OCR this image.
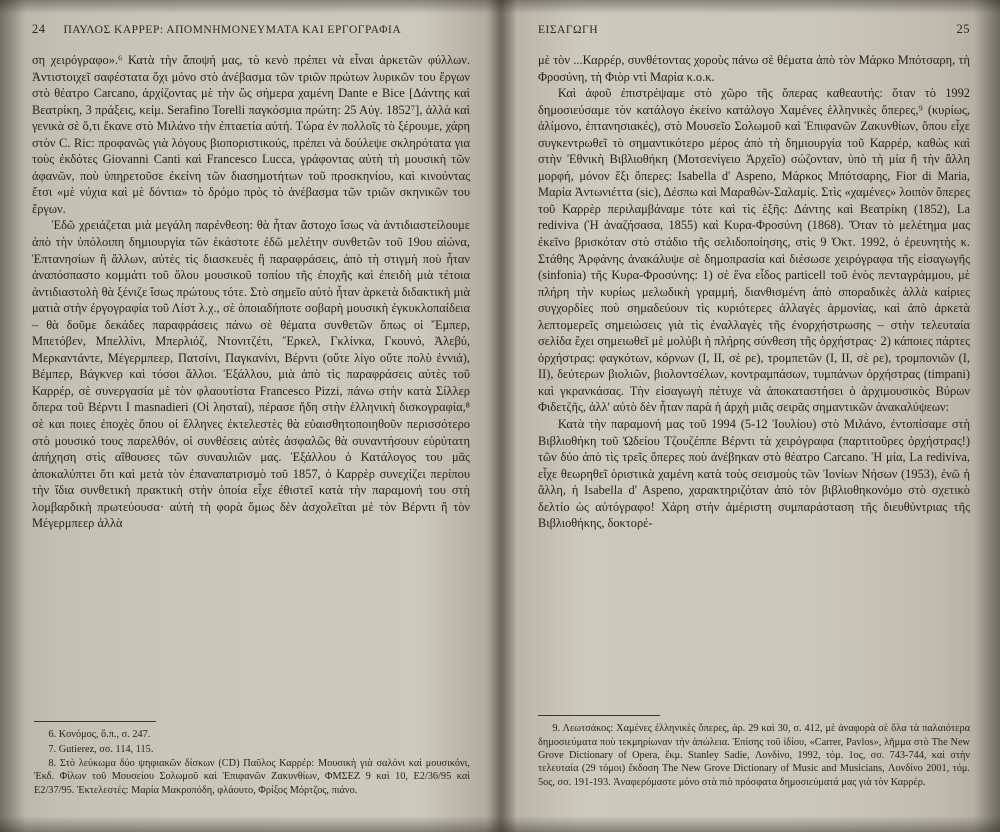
24 ΠΑΥΛΟΣ ΚΑΡΡΕΡ: ΑΠΟΜΝΗΜΟΝΕΥΜΑΤΑ ΚΑΙ ΕΡΓΟΓΡΑΦΙΑ

ση χειρόγραφο».⁶ Κατὰ τὴν ἄποψή μας, τὸ κενὸ πρέπει νὰ εἶναι ἀρκετῶν φύλλων. Ἀντιστοιχεῖ σαφέστατα ὄχι μόνο στὸ ἀνέβασμα τῶν τριῶν πρώτων λυρικῶν του ἔργων στὸ θέατρο Carcano, ἀρχίζοντας μὲ τὴν ὣς σήμερα χαμένη Dante e Bice [Δάντης καὶ Βεατρίκη, 3 πράξεις, κείμ. Serafino Torelli παγκόσμια πρώτη: 25 Αὐγ. 1852⁷], ἀλλὰ καὶ γενικὰ σὲ ὅ,τι ἔκανε στὸ Μιλάνο τὴν ἐπταετία αὐτή. Τώρα ἐν πολλοῖς τὸ ξέρουμε, χάρη στὸν C. Ric: προφανῶς γιὰ λόγους βιοποριστικούς, πρέπει νὰ δούλεψε σκληρότατα για τοὺς ἐκδότες Giovanni Canti καὶ Francesco Lucca, γράφοντας αὐτὴ τὴ μουσικὴ τῶν ἀφανῶν, ποὺ ὑπηρετοῦσε ἐκείνη τῶν διασημοτήτων τοῦ προσκηνίου, καὶ κινούντας ἔτσι «μὲ νύχια καὶ μὲ δόντια» τὸ δρόμο πρὸς τὸ ἀνέβασμα τῶν τριῶν σκηνικῶν του ἔργων.

Ἐδῶ χρειάζεται μιὰ μεγάλη παρένθεση: θὰ ἦταν ἄστοχο ἴσως νὰ ἀντιδιαστείλουμε ἀπὸ τὴν ὑπόλοιπη δημιουργία τῶν ἑκάστοτε ἐδῶ μελέτην συνθετῶν τοῦ 19ου αἰώνα, Ἑπτανησίων ἢ ἄλλων, αὐτὲς τὶς διασκευὲς ἢ παραφράσεις, ἀπὸ τὴ στιγμὴ ποὺ ἦταν ἀναπόσπαστο κομμάτι τοῦ ὅλου μουσικοῦ τοπίου τῆς ἐποχῆς καὶ ἐπειδὴ μιὰ τέτοια ἀντιδιαστολὴ θὰ ξένιζε ἴσως πρώτους τότε. Στὸ σημεῖο αὐτὸ ἦταν ἀρκετὰ διδακτικὴ μιὰ ματιὰ στὴν ἐργογραφία τοῦ Λίστ λ.χ., σὲ ὁποιαδήποτε σοβαρὴ μουσικὴ ἐγκυκλοπαίδεια – θὰ δοῦμε δεκάδες παραφράσεις πάνω σὲ θέματα συνθετῶν ὅπως οἱ Ἔμπερ, Μπετόβεν, Μπελλίνι, Μπερλιόζ, Ντονιτζέτι, Ἔρκελ, Γκλίνκα, Γκουνό, Ἀλεβύ, Μερκαντάντε, Μέγερμπεερ, Πατσίνι, Παγκανίνι, Βέρντι (οὔτε λίγο οὔτε πολὺ ἐννιά), Βέμπερ, Βάγκνερ καὶ τόσοι ἄλλοι. Ἐξάλλου, μιὰ ἀπὸ τὶς παραφράσεις αὐτὲς τοῦ Καρρέρ, σὲ συνεργασία μὲ τὸν φλαουτίστα Francesco Pizzi, πάνω στὴν κατὰ Σίλλερ ὄπερα τοῦ Βέρντι I masnadieri (Οἱ λησταί), πέρασε ἤδη στὴν ἑλληνικὴ δισκογραφία,⁸ σὲ και ποιες ἐποχὲς ὅπου οἱ ἕλληνες ἐκτελεστὲς θὰ εὐαισθητοποιηθοῦν περισσότερο στὸ μουσικό τους παρελθόν, οἱ συνθέσεις αὐτὲς ἀσφαλῶς θὰ συναντήσουν εὐρύτατη ἀπήχηση στὶς αἴθουσες τῶν συναυλιῶν μας. Ἐξάλλου ὁ Κατάλογος του μᾶς ἀποκαλύπτει ὅτι καὶ μετὰ τὸν ἐπαναπατρισμὸ τοῦ 1857, ὁ Καρρὲρ συνεχίζει περίπου τὴν ἴδια συνθετικὴ πρακτικὴ στὴν ὁποία εἶχε ἐθιστεῖ κατὰ τὴν παραμονή του στὴ λομβαρδικὴ πρωτεύουσα· αὐτὴ τὴ φορὰ ὅμως δὲν ἀσχολεῖται μὲ τὸν Βέρντι ἢ τὸν Μέγερμπεερ ἀλλὰ

6. Κονόμος, ὅ.π., σ. 247.

7. Gutiеrеz, σσ. 114, 115.

8. Στὸ λεύκωμα δύο ψηφιακῶν δίσκων (CD) Παῦλος Καρρέρ: Μουσικὴ γιὰ σαλόνι καὶ μουσικόνι, Ἐκδ. Φίλων τοῦ Μουσείου Σολωμοῦ καὶ Ἐπιφανῶν Ζακυνθίων, ΦΜΣΕΖ 9 καὶ 10, Ε2/36/95 καὶ Ε2/37/95. Ἐκτελεστές: Μαρία Μακροπόδη, φλάουτο, Φρίξος Μόρτζος, πιάνο.

ΕΙΣΑΓΩΓΗ	25

μὲ τὸν ...Καρρέρ, συνθέτοντας χοροὺς πάνω σὲ θέματα ἀπὸ τὸν Μάρκο Μπότσαρη, τὴ Φροσύνη, τὴ Φιὸρ ντὶ Μαρία κ.ο.κ.

Καὶ ἀφοῦ ἐπιστρέψαμε στὸ χῶρο τῆς ὄπερας καθεαυτής: ὅταν τὸ 1992 δημοσιεύσαμε τὸν κατάλογο ἐκείνο κατάλογο Χαμένες ἑλληνικὲς ὄπερες,⁹ (κυρίως, ἀλίμονο, ἑπτανησιακές), στὸ Μουσεῖο Σολωμοῦ καὶ Ἐπιφανῶν Ζακυνθίων, ὅπου εἶχε συγκεντρωθεῖ τὸ σημαντικότερο μέρος ἀπὸ τὴ δημιουργία τοῦ Καρρέρ, καθὼς καὶ στὴν Ἐθνικὴ Βιβλιοθήκη (Μοτσενίγειο Ἀρχεῖο) σώζονταν, ὑπὸ τὴ μία ἢ τὴν ἄλλη μορφή, μόνον ἕξι ὄπερες: Isabella d' Aspeno, Μάρκος Μπότσαρης, Fior di Maria, Μαρία Ἀντωνιέττα (sic), Δέσπω καὶ Μαραθὼν-Σαλαμίς. Στὶς «χαμένες» λοιπὸν ὄπερες τοῦ Καρρὲρ περιλαμβάναμε τότε καὶ τὶς ἑξῆς: Δάντης καὶ Βεατρίκη (1852), La rediviva (Ἡ ἀναζήσασα, 1855) καὶ Κυρα-Φροσύνη (1868). Ὅταν τὸ μελέτημα μας ἐκεῖνο βρισκόταν στὸ στάδιο τῆς σελιδοποίησης, στὶς 9 Ὀκτ. 1992, ὁ ἐρευνητὴς κ. Στάθης Ἀρφάνης ἀνακάλυψε σὲ δημοπρασία καὶ διέσωσε χειρόγραφα τῆς εἰσαγωγῆς (sinfonia) τῆς Κυρα-Φροσύνης: 1) σὲ ἕνα εἶδος particell τοῦ ἑνὸς πενταγράμμου, μὲ πλήρη τὴν κυρίως μελωδικὴ γραμμή, διανθισμένη ἀπὸ σποραδικὲς ἀλλὰ καίριες συγχορδίες ποὺ σημαδεύουν τὶς κυριότερες ἀλλαγὲς ἁρμονίας, καὶ ἀπὸ ἀρκετὰ λεπτομερεῖς σημειώσεις γιὰ τὶς ἐναλλαγὲς τῆς ἐνορχήστρωσης – στὴν τελευταία σελίδα ἔχει σημειωθεῖ μὲ μολύβι ἡ πλήρης σύνθεση τῆς ὀρχήστρας· 2) κάποιες πάρτες ὀρχήστρας: φαγκότων, κόρνων (I, II, σὲ ρε), τρομπετῶν (I, II, σὲ ρε), τρομπονιῶν (I, II), δεύτερων βιολιῶν, βιολοντσέλων, κοντραμπάσων, τυμπάνων ὀρχήστρας (timpani) καὶ γκρανκάσας. Τὴν εἰσαγωγὴ πέτυχε νὰ ἀποκαταστήσει ὁ ἀρχιμουσικὸς Βύρων Φιδετζῆς, ἀλλ' αὐτὸ δὲν ἦταν παρὰ ἡ ἀρχὴ μιᾶς σειρᾶς σημαντικῶν ἀνακαλύψεων:

Κατὰ τὴν παραμονή μας τοῦ 1994 (5-12 Ἰουλίου) στὸ Μιλάνο, ἐντοπίσαμε στὴ Βιβλιοθήκη τοῦ Ὠδείου Τζουζέππε Βέρντι τὰ χειρόγραφα (παρτιτοῦρες ὀρχήστρας!) τῶν δύο ἀπὸ τὶς τρεῖς ὄπερες ποὺ ἀνέβηκαν στὸ θέατρο Carcano. Ἡ μία, La rediviva, εἶχε θεωρηθεῖ ὁριστικὰ χαμένη κατὰ τοὺς σεισμοὺς τῶν Ἰονίων Νήσων (1953), ἐνῶ ἡ ἄλλη, ἡ Isabella d' Aspeno, χαρακτηριζόταν ἀπὸ τὸν βιβλιοθηκονόμο στὸ σχετικὸ δελτίο ὡς αὐτόγραφο! Χάρη στὴν ἀμέριστη συμπαράσταση τῆς διευθύντριας τῆς Βιβλιοθήκης, δοκτορέ-

9. Λεωτσάκος: Χαμένες ἑλληνικὲς ὄπερες, ἀρ. 29 καὶ 30, σ. 412, μὲ ἀναφορὰ σὲ ὅλα τὰ παλαιότερα δημοσιεύματα ποὺ τεκμηρίωναν τὴν ἀπώλεια. Ἐπίσης τοῦ ἰδίου, «Carrer, Pavlos», λῆμμα στὸ The New Grove Dictionary of Opera, ἔκμ. Stanley Sadie, Λονδίνο, 1992, τόμ. 1ος, σσ. 743-744, καὶ στὴν τελευταία (29 τόμοι) ἔκδοση The New Grove Dictionary of Music and Musicians, Λονδίνο 2001, τόμ. 5ος, σσ. 191-193. Ἀναφερόμαστε μόνο στὰ πιὸ πρόσφατα δημοσιεύματά μας γιὰ τὸν Καρρέρ.
